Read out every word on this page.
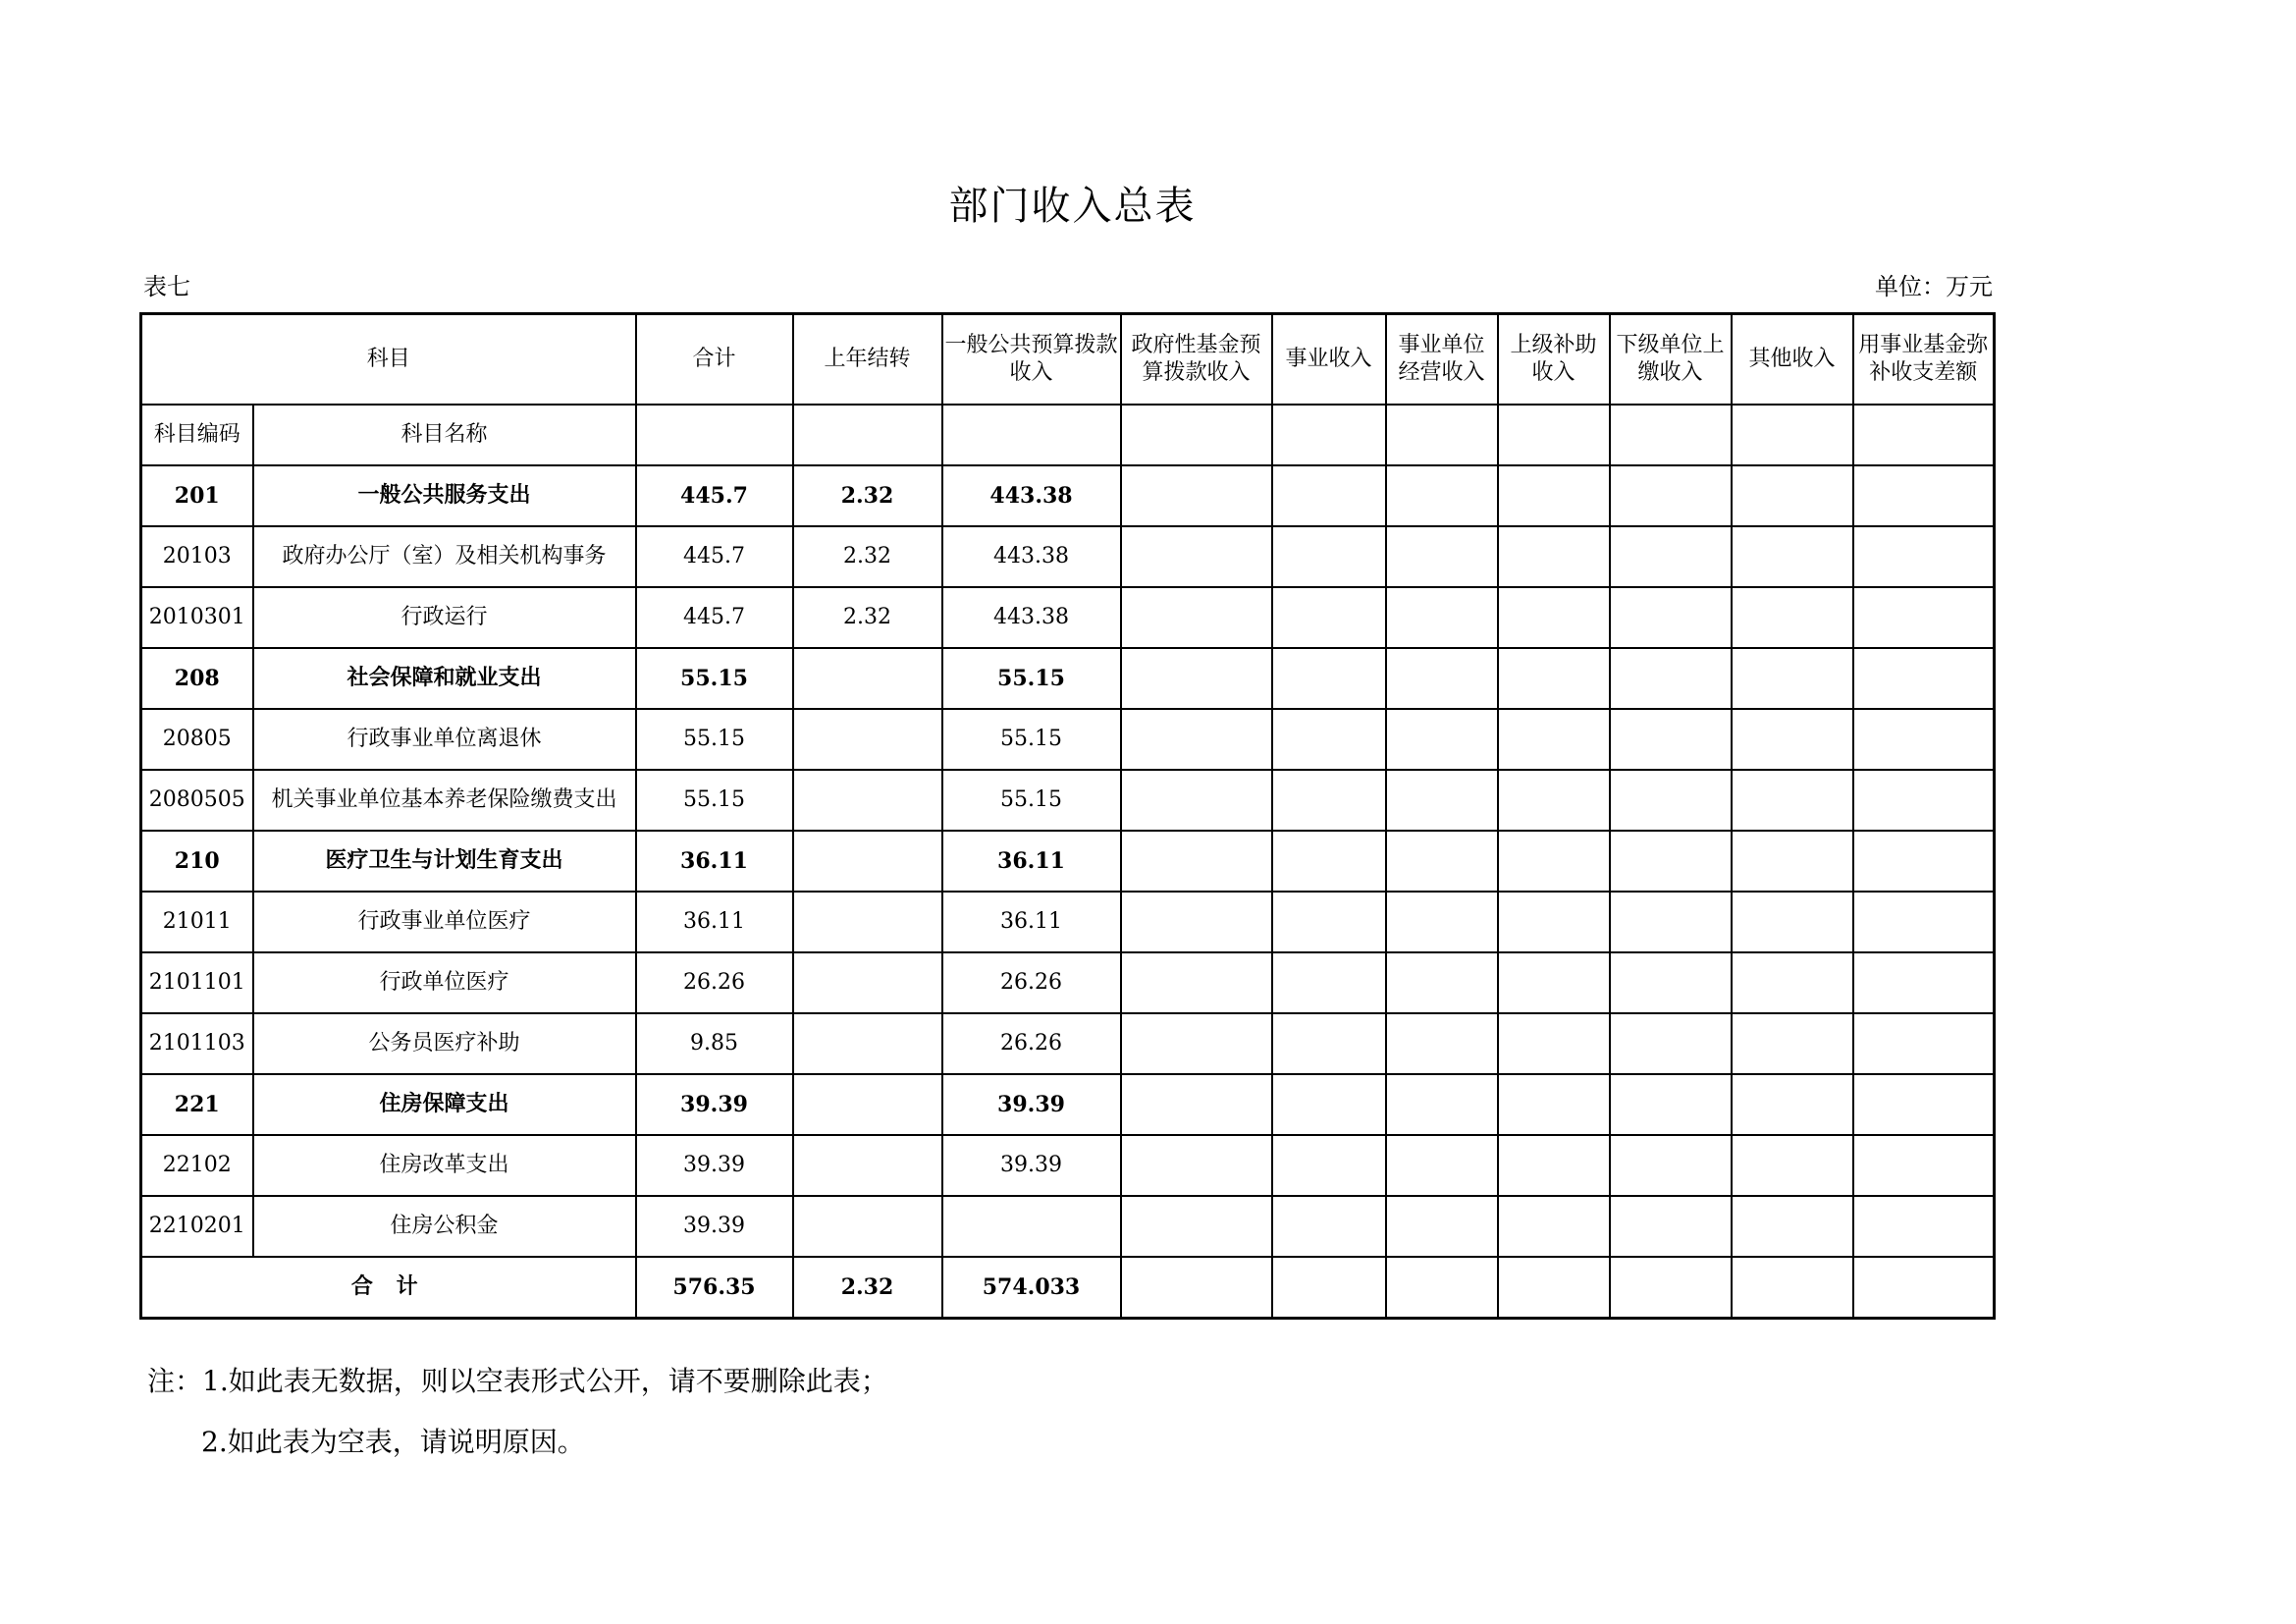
部门收入总表
表七	单位：万元
科目		合计	上年结转	一般公共预算拨款收入	政府性基金预算拨款收入	事业收入	事业单位经营收入	上级补助收入	下级单位上缴收入	其他收入	用事业基金弥补收支差额
科目编码	科目名称										
201	一般公共服务支出	445.7	2.32	443.38							
20103	政府办公厅（室）及相关机构事务	445.7	2.32	443.38							
2010301	行政运行	445.7	2.32	443.38							
208	社会保障和就业支出	55.15		55.15							
20805	行政事业单位离退休	55.15		55.15							
2080505	机关事业单位基本养老保险缴费支出	55.15		55.15							
210	医疗卫生与计划生育支出	36.11		36.11							
21011	行政事业单位医疗	36.11		36.11							
2101101	行政单位医疗	26.26		26.26							
2101103	公务员医疗补助	9.85		26.26							
221	住房保障支出	39.39		39.39							
22102	住房改革支出	39.39		39.39							
2210201	住房公积金	39.39									
合 计		576.35	2.32	574.033							
注：1.如此表无数据，则以空表形式公开，请不要删除此表；
2.如此表为空表，请说明原因。
